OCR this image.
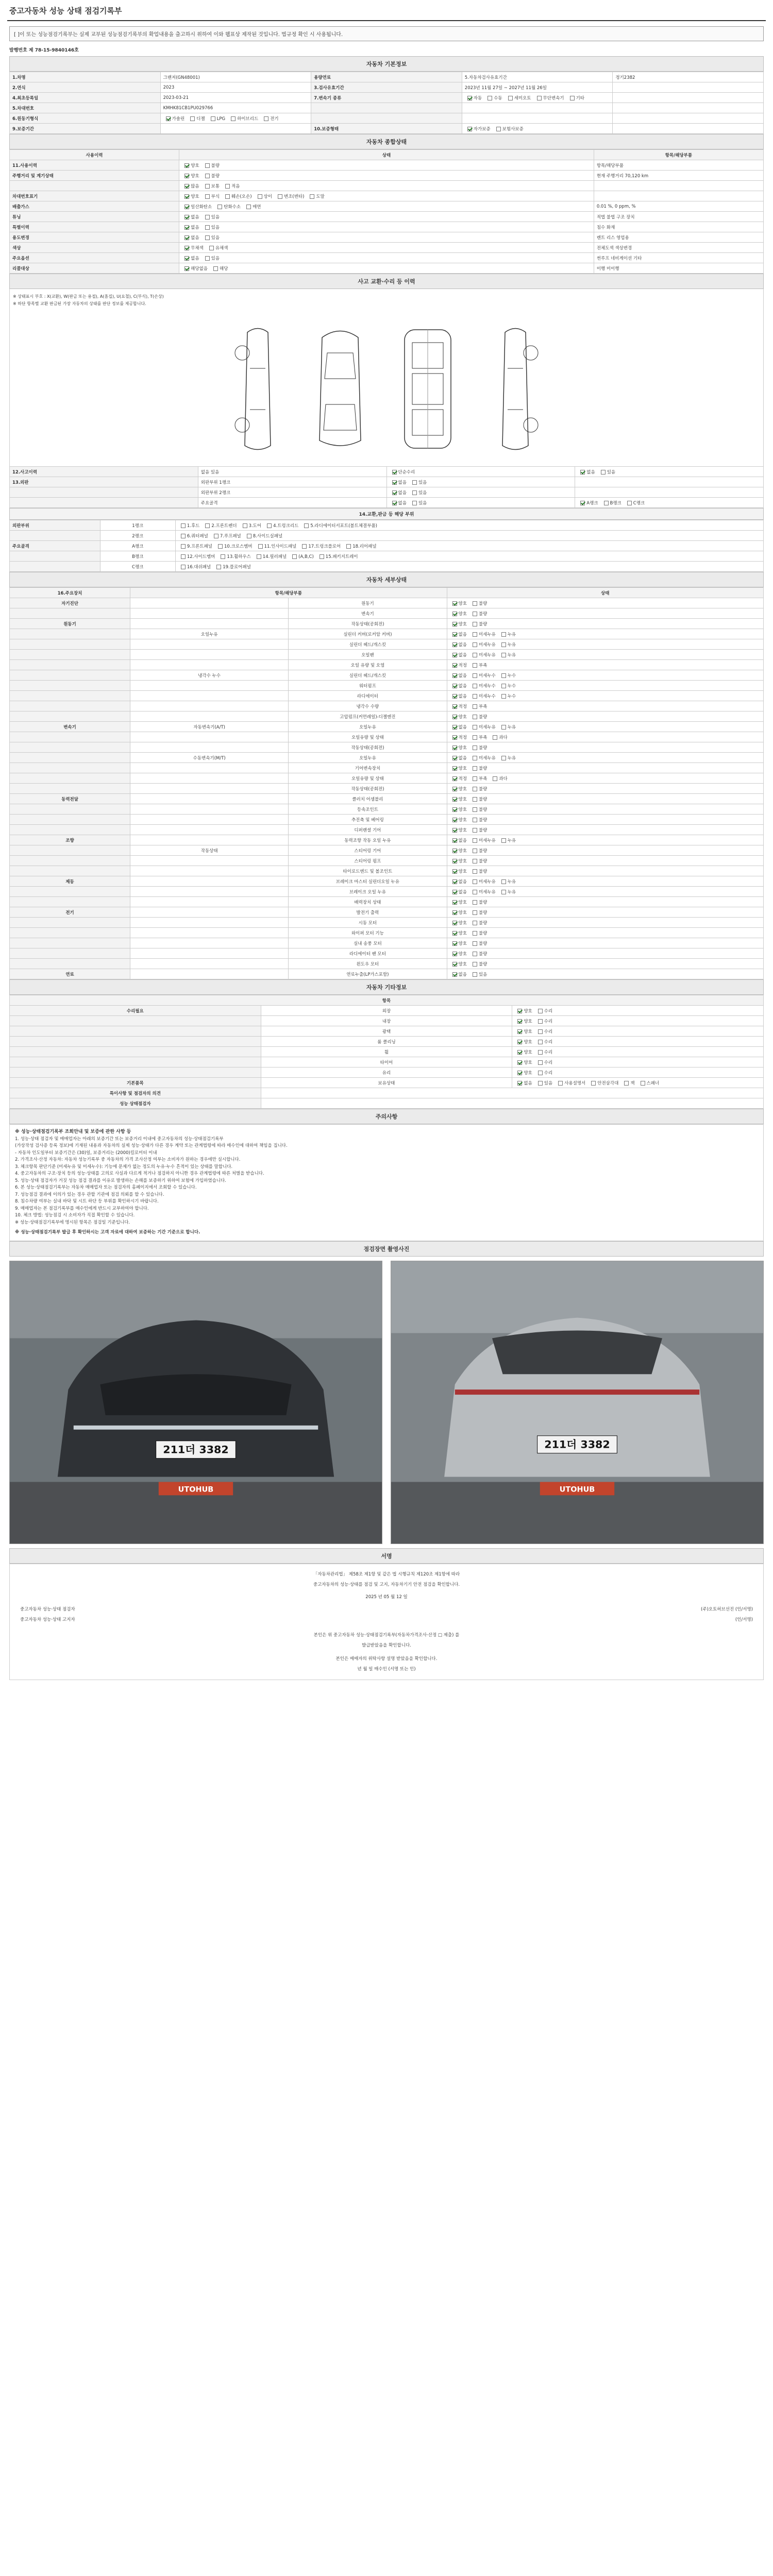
중고자동차 성능 상태 점검기록부
[ ]이 또는 성능점검기록부는 실제 교부된 성능점검기록부의 확업내용을 출고하시 위하여 이와 웹표상 제작된 것입니다. 법규정 확인 시 사용됩니다.
발행번호 제 78-15-9840146호
자동차 기본정보
1.차명	그랜저(GN48001)	용량연료	5.자동차검사유효기간	정기2382
2.연식	2023	3.검사유효기간	2023년 11월 27일 ~ 2027년 11월 26일	
4.최초등록일	2023-03-21	7.변속기 종류	자동 수동 세미오토 무단변속기 기타	
5.차대번호	KMHK81CB1PU029766			
6.원동기형식	가솔린 디젤 LPG 하이브리드 전기			
9.보증기간		10.보증형태	자가보증 보험사보증	
자동차 종합상태
사용이력	상태	항목/해당부품
11.사용이력	양호 불량	항목/해당부품
주행거리 및 계기상태	양호 불량	현재 주행거리 70,120 km
	많음 보통 적음	
차대번호표기	양호 부식 훼손(오손) 상이 변조(변타) 도말	
배출가스	일산화탄소 탄화수소 매연	0.01 %, 0 ppm, %
튜닝	없음 있음	적법 불법 구조 장치
특별이력	없음 있음	침수 화재
용도변경	없음 있음	렌트 리스 영업용
색상	무채색 유채색	전체도색 색상변경
주요옵션	없음 있음	썬루프 네비게이션 기타
리콜대상	해당없음 해당	이행 미이행
사고 교환·수리 등 이력
※ 상태표시 부호 : X(교환), W(판금 또는 용접), A(흠집), U(요철), C(부식), T(손상)
※ 하단 항목별 교환 판금된 가장 자동차의 상태를 판단 정보를 제공합니다.
12.사고이력	없음 있음	단순수리	없음 있음
13.외판	외판부위 1랭크	없음 있음	
	외판부위 2랭크	없음 있음	
	주요골격	없음 있음	A랭크 B랭크 C랭크
14.교환,판금 등 해당 부위
외판부위	1랭크	1.후드 2.프론트펜더 3.도어 4.트렁크리드 5.라디에이터서포트(볼트체결부품)
	2랭크	6.쿼터패널 7.루프패널 8.사이드실패널
주요골격	A랭크	9.프론트패널 10.크로스멤버 11.인사이드패널 17.트렁크플로어 18.리어패널
	B랭크	12.사이드멤버 13.휠하우스 14.필러패널 (A,B,C) 15.패키지트레이
	C랭크	16.대쉬패널 19.플로어패널
자동차 세부상태
16.주요장치	항목/해당부품		상태
자기진단		원동기	양호 불량
		변속기	양호 불량
원동기		작동상태(공회전)	양호 불량
	오일누유	실린더 커버(로커암 커버)	없음 미세누유 누유
		실린더 헤드/개스킷	없음 미세누유 누유
		오일팬	없음 미세누유 누유
		오일 유량 및 오염	적정 부족
	냉각수 누수	실린더 헤드/개스킷	없음 미세누수 누수
		워터펌프	없음 미세누수 누수
		라디에이터	없음 미세누수 누수
		냉각수 수량	적정 부족
		고압펌프(커먼레일)-디젤엔진	양호 불량
변속기	자동변속기(A/T)	오일누유	없음 미세누유 누유
		오일유량 및 상태	적정 부족 과다
		작동상태(공회전)	양호 불량
	수동변속기(M/T)	오일누유	없음 미세누유 누유
		기어변속장치	양호 불량
		오일유량 및 상태	적정 부족 과다
		작동상태(공회전)	양호 불량
동력전달		클러치 어셈블리	양호 불량
		등속조인트	양호 불량
		추진축 및 베어링	양호 불량
		디퍼렌셜 기어	양호 불량
조향		동력조향 작동 오일 누유	없음 미세누유 누유
	작동상태	스티어링 기어	양호 불량
		스티어링 펌프	양호 불량
		타이로드엔드 및 볼조인트	양호 불량
제동		브레이크 마스터 실린더오일 누유	없음 미세누유 누유
		브레이크 오일 누유	없음 미세누유 누유
		배력장치 상태	양호 불량
전기		발전기 출력	양호 불량
		시동 모터	양호 불량
		와이퍼 모터 기능	양호 불량
		실내 송풍 모터	양호 불량
		라디에이터 팬 모터	양호 불량
		윈도우 모터	양호 불량
연료		연료누출(LP가스포함)	없음 있음
자동차 기타정보
항목		
수리필요	외장	양호 수리
	내장	양호 수리
	광택	양호 수리
	룸 클리닝	양호 수리
	휠	양호 수리
	타이어	양호 수리
	유리	양호 수리
기본품목	보유상태	없음 있음 사용설명서 안전삼각대 잭 스패너
특이사항 및 점검자의 의견		
성능 상태점검자		
주의사항
※ 성능·상태점검기록부 조회안내 및 보증에 관한 사항 등
1. 성능·상태 점검자 및 매매업자는 아래의 보증기간 또는 보증거리 이내에 중고자동차의 성능·상태점검기록부
(가상작성 검사증 등록 정보)에 기재된 내용과 자동차의 실제 성능·상태가 다른 경우 계약 또는 관계법령에 따라 매수인에 대하여 책임을 집니다.
- 자동차 인도일부터 보증기간은 (30)일, 보증거리는 (2000)킬로미터 이내
2. 가격조사·산정 자동차: 자동차 성능기록부 중 자동차의 가격 조사산정 여부는 소비자가 원하는 경우에만 실시합니다.
3. 체크항목 판단기준 (미세누유 및 미세누수): 기능에 문제가 없는 정도의 누유·누수 흔적이 있는 상태를 말합니다.
4. 중고자동차의 구조·장치 등의 성능·상태를 고의로 사실과 다르게 적거나 점검하지 아니한 경우 관계법령에 따른 처벌을 받습니다.
5. 성능·상태 점검자가 거짓 성능 점검 결과를 이유로 발생하는 손해를 보증하기 위하여 보험에 가입하였습니다.
6. 본 성능·상태점검기록부는 자동차 매매업자 또는 점검자의 홈페이지에서 조회할 수 있습니다.
7. 성능점검 결과에 이의가 있는 경우 관할 기관에 점검 의뢰를 할 수 있습니다.
8. 침수차량 여부는 실내 바닥 및 시트 하단 등 부위를 확인하시기 바랍니다.
9. 매매업자는 본 점검기록부를 매수인에게 반드시 교부하여야 합니다.
10. 체크 방법: 성능점검 시 소비자가 직접 확인할 수 있습니다.
※ 성능·상태점검기록부에 명시된 항목은 점검일 기준입니다.
※ 성능·상태점검기록부 발급 후 확인하시는 고객 자료에 대하여 보증하는 기간 기준으로 합니다.
점검장면 촬영사진
211더 3382
UTOHUB
211더 3382
UTOHUB
서명
「자동차관리법」 제58조 제1항 및 같은 법 시행규칙 제120조 제1항에 따라
중고자동차의 성능·상태를 점검 및 고지, 자동차기기 안전 점검을 확인합니다.
2025 년 05 월 12 일
중고자동차 성능·상태 점검자	(주)오토허브선진 (인/서명)
중고자동차 성능·상태 고지자	(인/서명)
본인은 위 중고자동차 성능·상태점검기록부(자동차가격조사·산정 □ 제출) 를
발급받았음을 확인합니다.
본인은 매매자의 위탁사항 설명 받았음을 확인합니다.
년 월 일 매수인 (서명 또는 인)
